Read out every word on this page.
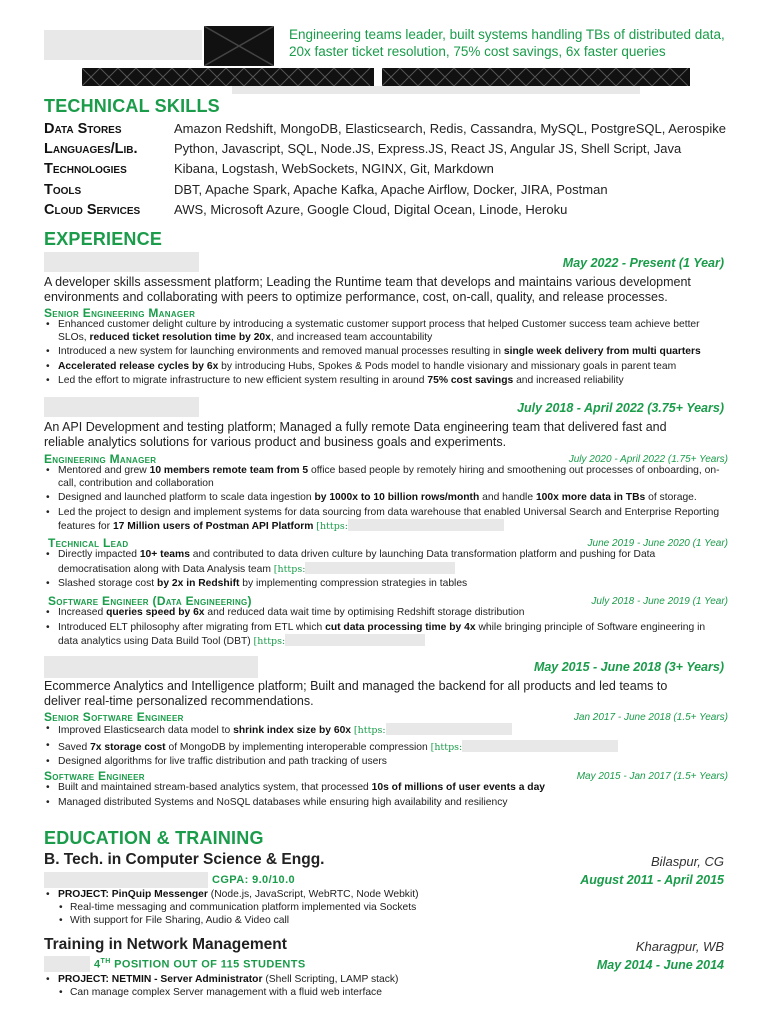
Engineering teams leader, built systems handling TBs of distributed data, 20x faster ticket resolution, 75% cost savings, 6x faster queries
TECHNICAL SKILLS
Data Stores	Amazon Redshift, MongoDB, Elasticsearch, Redis, Cassandra, MySQL, PostgreSQL, Aerospike
Languages/Lib.	Python, Javascript, SQL, Node.JS, Express.JS, React JS, Angular JS, Shell Script, Java
Technologies	Kibana, Logstash, WebSockets, NGINX, Git, Markdown
Tools	DBT, Apache Spark, Apache Kafka, Apache Airflow, Docker, JIRA, Postman
Cloud Services	AWS, Microsoft Azure, Google Cloud, Digital Ocean, Linode, Heroku
EXPERIENCE
May 2022 - Present (1 Year)
A developer skills assessment platform; Leading the Runtime team that develops and maintains various development environments and collaborating with peers to optimize performance, cost, on-call, quality, and release processes.
Senior Engineering Manager
• Enhanced customer delight culture by introducing a systematic customer support process that helped Customer success team achieve better SLOs, reduced ticket resolution time by 20x, and increased team accountability
• Introduced a new system for launching environments and removed manual processes resulting in single week delivery from multi quarters
• Accelerated release cycles by 6x by introducing Hubs, Spokes & Pods model to handle visionary and missionary goals in parent team
• Led the effort to migrate infrastructure to new efficient system resulting in around 75% cost savings and increased reliability
July 2018 - April 2022 (3.75+ Years)
An API Development and testing platform; Managed a fully remote Data engineering team that delivered fast and reliable analytics solutions for various product and business goals and experiments.
Engineering Manager	July 2020 - April 2022 (1.75+ Years)
• Mentored and grew 10 members remote team from 5 office based people by remotely hiring and smoothening out processes of onboarding, on-call, contribution and collaboration
• Designed and launched platform to scale data ingestion by 1000x to 10 billion rows/month and handle 100x more data in TBs of storage.
• Led the project to design and implement systems for data sourcing from data warehouse that enabled Universal Search and Enterprise Reporting features for 17 Million users of Postman API Platform [https:
Technical Lead	June 2019 - June 2020 (1 Year)
• Directly impacted 10+ teams and contributed to data driven culture by launching Data transformation platform and pushing for Data democratisation along with Data Analysis team [https:
• Slashed storage cost by 2x in Redshift by implementing compression strategies in tables
Software Engineer (Data Engineering)	July 2018 - June 2019 (1 Year)
• Increased queries speed by 6x and reduced data wait time by optimising Redshift storage distribution
• Introduced ELT philosophy after migrating from ETL which cut data processing time by 4x while bringing principle of Software engineering in data analytics using Data Build Tool (DBT) [https:
May 2015 - June 2018 (3+ Years)
Ecommerce Analytics and Intelligence platform; Built and managed the backend for all products and led teams to deliver real-time personalized recommendations.
Senior Software Engineer	Jan 2017 - June 2018 (1.5+ Years)
• Improved Elasticsearch data model to shrink index size by 60x [https:
• Saved 7x storage cost of MongoDB by implementing interoperable compression [https:
• Designed algorithms for live traffic distribution and path tracking of users
Software Engineer	May 2015 - Jan 2017 (1.5+ Years)
• Built and maintained stream-based analytics system, that processed 10s of millions of user events a day
• Managed distributed Systems and NoSQL databases while ensuring high availability and resiliency
EDUCATION & TRAINING
B. Tech. in Computer Science & Engg.	Bilaspur, CG
CGPA: 9.0/10.0	August 2011 - April 2015
• PROJECT: PinQuip Messenger (Node.js, JavaScript, WebRTC, Node Webkit)
• Real-time messaging and communication platform implemented via Sockets
• With support for File Sharing, Audio & Video call
Training in Network Management	Kharagpur, WB
4TH POSITION OUT OF 115 STUDENTS	May 2014 - June 2014
• PROJECT: NETMIN - Server Administrator (Shell Scripting, LAMP stack)
• Can manage complex Server management with a fluid web interface
